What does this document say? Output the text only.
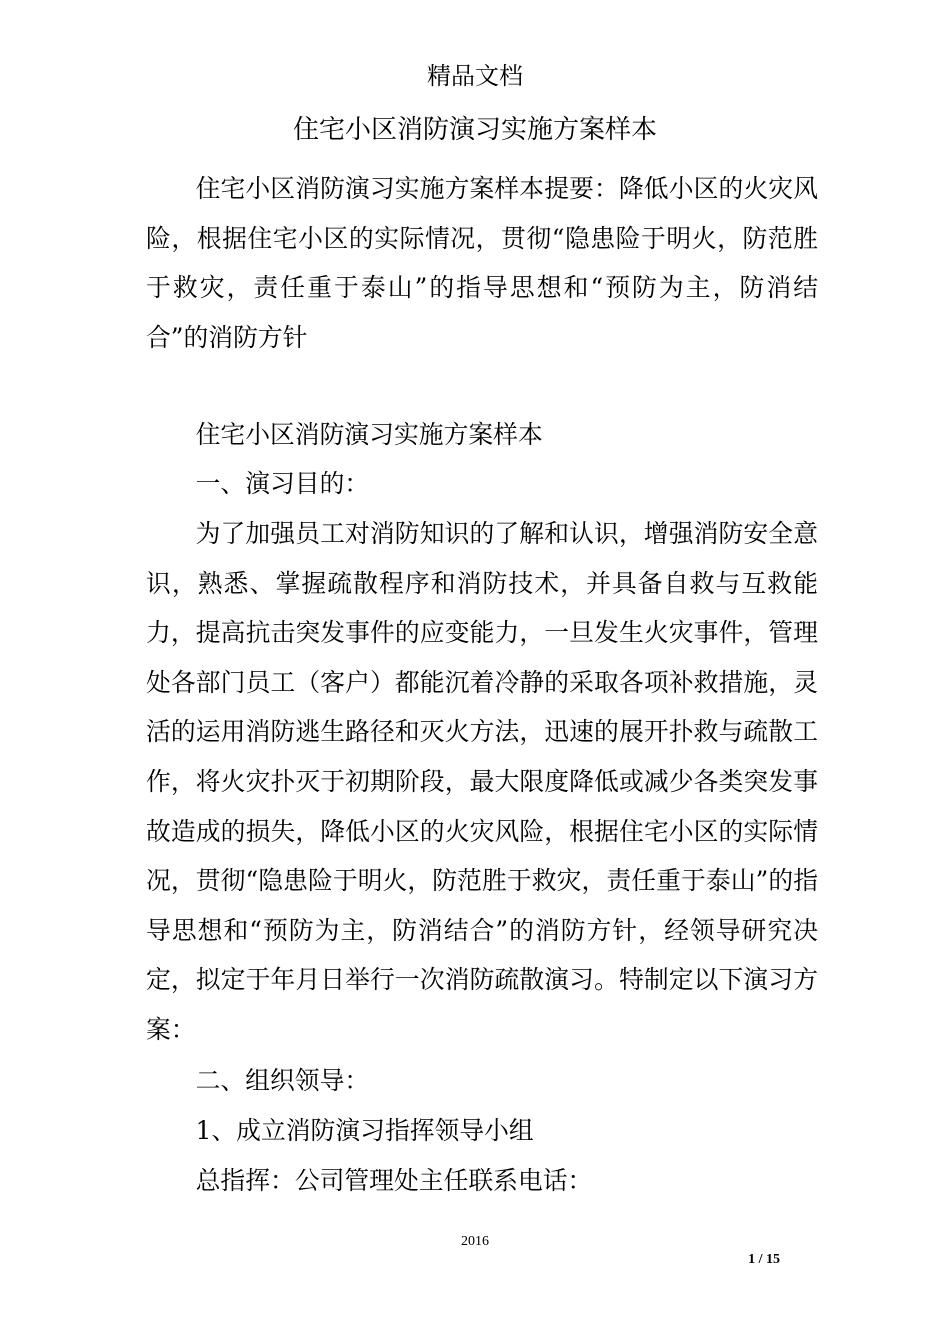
精品文档
住宅小区消防演习实施方案样本
住宅小区消防演习实施方案样本提要：降低小区的火灾风险，根据住宅小区的实际情况，贯彻“隐患险于明火，防范胜于救灾，责任重于泰山”的指导思想和“预防为主，防消结合”的消防方针
住宅小区消防演习实施方案样本
一、演习目的：
为了加强员工对消防知识的了解和认识，增强消防安全意识，熟悉、掌握疏散程序和消防技术，并具备自救与互救能力，提高抗击突发事件的应变能力，一旦发生火灾事件，管理处各部门员工（客户）都能沉着冷静的采取各项补救措施，灵活的运用消防逃生路径和灭火方法，迅速的展开扑救与疏散工作，将火灾扑灭于初期阶段，最大限度降低或减少各类突发事故造成的损失，降低小区的火灾风险，根据住宅小区的实际情况，贯彻“隐患险于明火，防范胜于救灾，责任重于泰山”的指导思想和“预防为主，防消结合”的消防方针，经领导研究决定，拟定于年月日举行一次消防疏散演习。特制定以下演习方案：
二、组织领导：
1、成立消防演习指挥领导小组
总指挥：公司管理处主任联系电话：
2016
1 / 15
